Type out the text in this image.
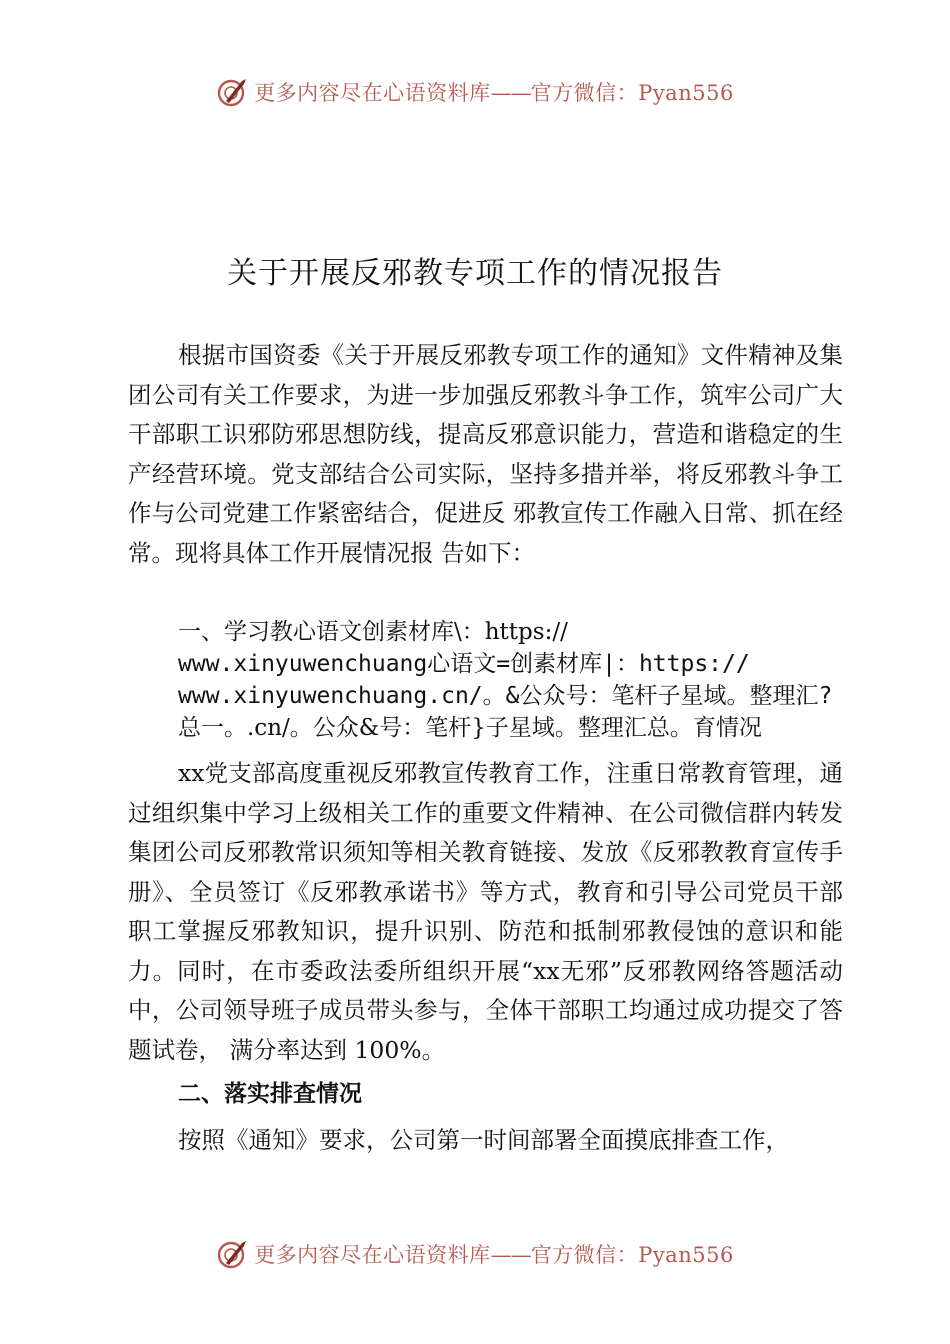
更多内容尽在心语资料库——官方微信：Pyan556
关于开展反邪教专项工作的情况报告

根据市国资委《关于开展反邪教专项工作的通知》文件精神及集团公司有关工作要求，为进一步加强反邪教斗争工作，筑牢公司广大干部职工识邪防邪思想防线，提高反邪意识能力，营造和谐稳定的生产经营环境。党支部结合公司实际，坚持多措并举，将反邪教斗争工作与公司党建工作紧密结合，促进反 邪教宣传工作融入日常、抓在经常。现将具体工作开展情况报 告如下：

一、学习教心语文创素材库\：https://
www.xinyuwenchuang心语文=创素材库|：https://
www.xinyuwenchuang.cn/。&公众号：笔杆子星域。整理汇?
总一。.cn/。公众&号：笔杆}子星域。整理汇总。育情况

xx党支部高度重视反邪教宣传教育工作，注重日常教育管理，通过组织集中学习上级相关工作的重要文件精神、在公司微信群内转发集团公司反邪教常识须知等相关教育链接、发放《反邪教教育宣传手册》、全员签订《反邪教承诺书》等方式，教育和引导公司党员干部职工掌握反邪教知识，提升识别、防范和抵制邪教侵蚀的意识和能力。同时，在市委政法委所组织开展“xx无邪”反邪教网络答题活动中，公司领导班子成员带头参与，全体干部职工均通过成功提交了答题试卷， 满分率达到 100%。

二、落实排查情况

按照《通知》要求，公司第一时间部署全面摸底排查工作，

更多内容尽在心语资料库——官方微信：Pyan556
